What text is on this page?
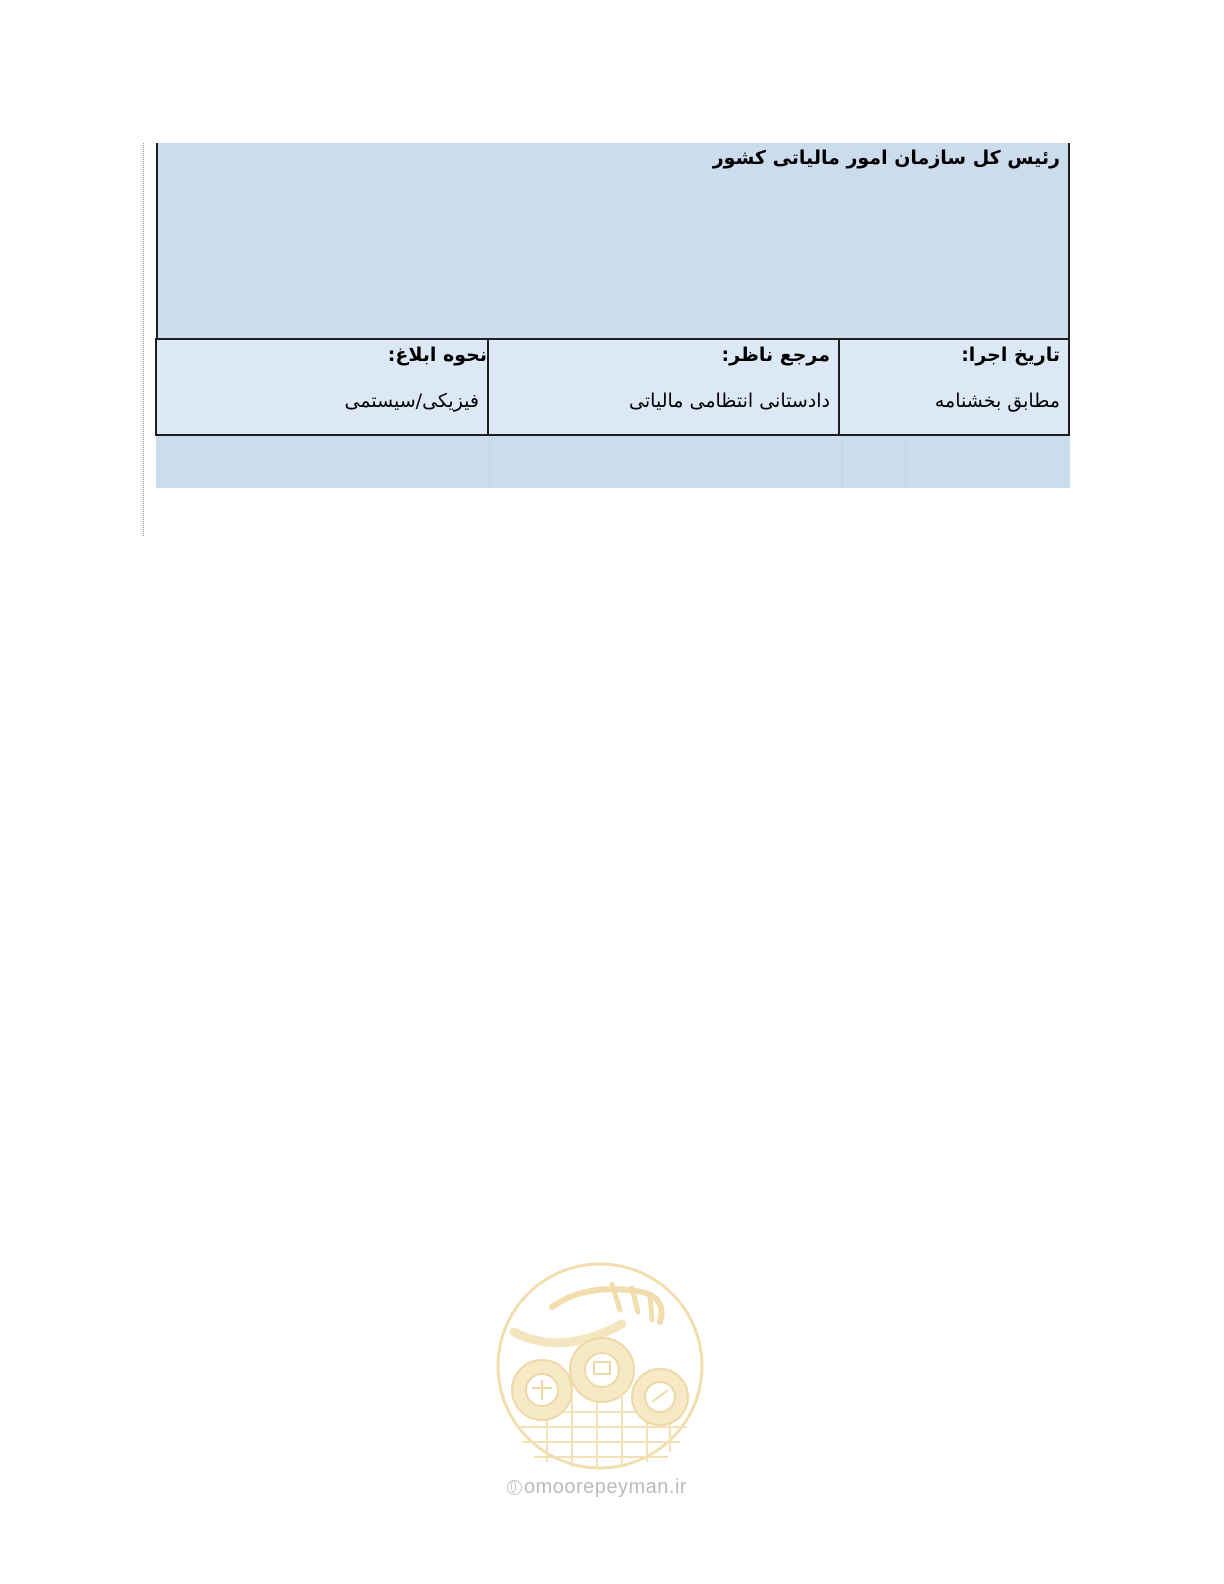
رئیس کل سازمان امور مالیاتی کشور
تاریخ اجرا:
مطابق بخشنامه
مرجع ناظر:
دادستانی انتظامی مالیاتی
نحوه ابلاغ:
فیزیکی/سیستمی
omoorepeyman.ir
